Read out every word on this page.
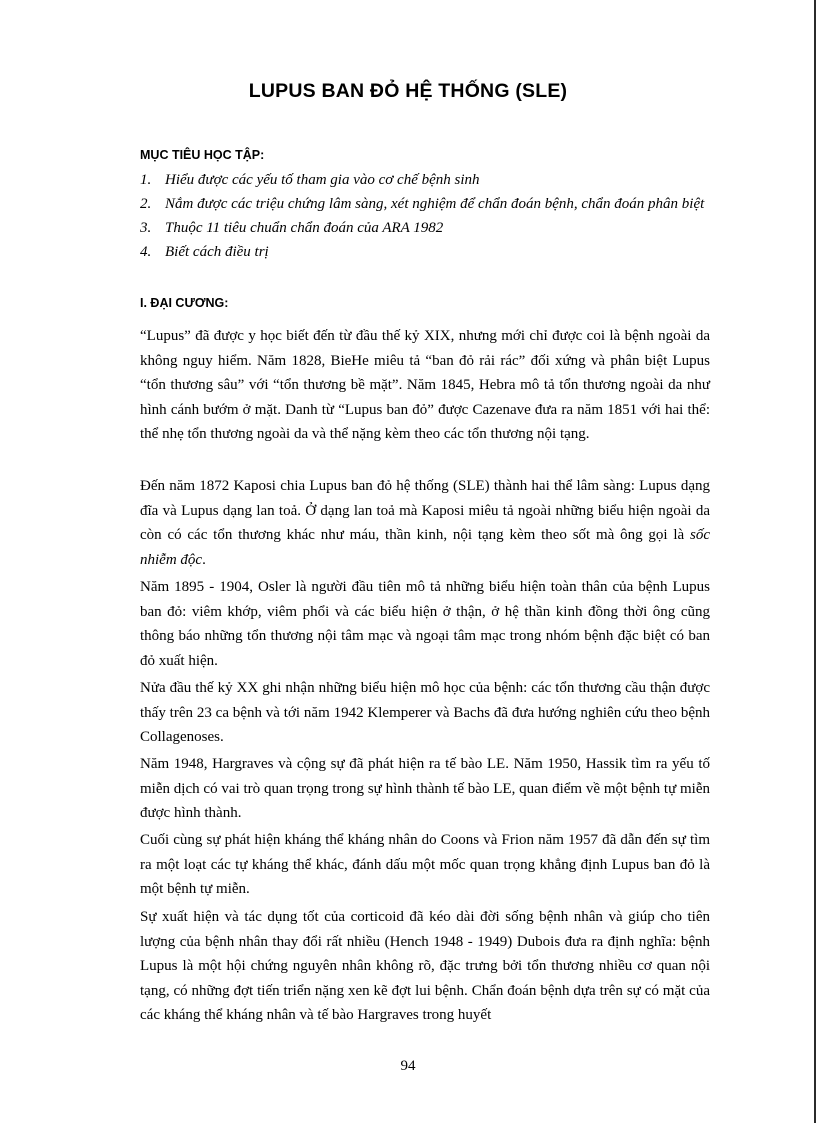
LUPUS BAN ĐỎ HỆ THỐNG (SLE)
MỤC TIÊU HỌC TẬP:
1. Hiểu được các yếu tố tham gia vào cơ chế bệnh sinh
2. Nắm được các triệu chứng lâm sàng, xét nghiệm để chẩn đoán bệnh, chẩn đoán phân biệt
3. Thuộc 11 tiêu chuẩn chẩn đoán của ARA 1982
4. Biết cách điều trị
I. ĐẠI CƯƠNG:

“Lupus” đã được y học biết đến từ đầu thế kỷ XIX, nhưng mới chỉ được coi là bệnh ngoài da không nguy hiểm. Năm 1828, BieHe miêu tả “ban đỏ rải rác” đối xứng và phân biệt Lupus “tổn thương sâu” với “tổn thương bề mặt”. Năm 1845, Hebra mô tả tổn thương ngoài da như hình cánh bướm ở mặt. Danh từ “Lupus ban đỏ” được Cazenave đưa ra năm 1851 với hai thể: thể nhẹ tổn thương ngoài da và thể nặng kèm theo các tổn thương nội tạng.

Đến năm 1872 Kaposi chia Lupus ban đỏ hệ thống (SLE) thành hai thể lâm sàng: Lupus dạng đĩa và Lupus dạng lan toả. Ở dạng lan toả mà Kaposi miêu tả ngoài những biểu hiện ngoài da còn có các tổn thương khác như máu, thần kinh, nội tạng kèm theo sốt mà ông gọi là sốc nhiễm độc.

Năm 1895 - 1904, Osler là người đầu tiên mô tả những biểu hiện toàn thân của bệnh Lupus ban đỏ: viêm khớp, viêm phổi và các biểu hiện ở thận, ở hệ thần kinh đồng thời ông cũng thông báo những tổn thương nội tâm mạc và ngoại tâm mạc trong nhóm bệnh đặc biệt có ban đỏ xuất hiện.

Nửa đầu thế kỷ XX ghi nhận những biểu hiện mô học của bệnh: các tổn thương cầu thận được thấy trên 23 ca bệnh và tới năm 1942 Klemperer và Bachs đã đưa hướng nghiên cứu theo bệnh Collagenoses.

Năm 1948, Hargraves và cộng sự đã phát hiện ra tế bào LE. Năm 1950, Hassik tìm ra yếu tố miễn dịch có vai trò quan trọng trong sự hình thành tế bào LE, quan điểm về một bệnh tự miễn được hình thành.

Cuối cùng sự phát hiện kháng thể kháng nhân do Coons và Frion năm 1957 đã dẫn đến sự tìm ra một loạt các tự kháng thể khác, đánh dấu một mốc quan trọng khẳng định Lupus ban đỏ là một bệnh tự miễn.

Sự xuất hiện và tác dụng tốt của corticoid đã kéo dài đời sống bệnh nhân và giúp cho tiên lượng của bệnh nhân thay đổi rất nhiều (Hench 1948 - 1949) Dubois đưa ra định nghĩa: bệnh Lupus là một hội chứng nguyên nhân không rõ, đặc trưng bởi tổn thương nhiều cơ quan nội tạng, có những đợt tiến triển nặng xen kẽ đợt lui bệnh. Chẩn đoán bệnh dựa trên sự có mặt của các kháng thể kháng nhân và tế bào Hargraves trong huyết

94
